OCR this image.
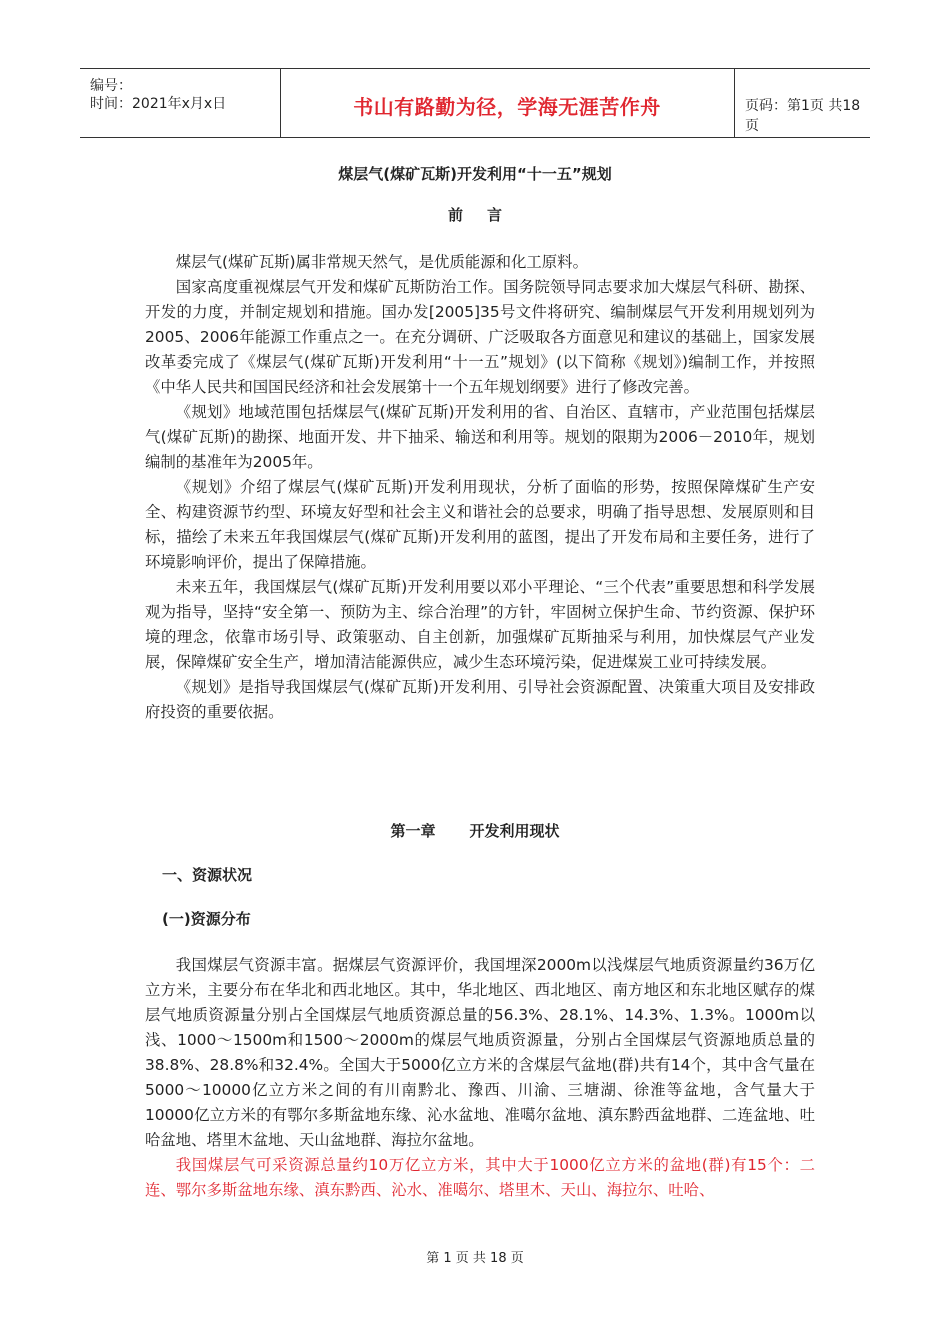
编号：
时间：2021年x月x日	书山有路勤为径，学海无涯苦作舟	页码：第1页 共18页
煤层气(煤矿瓦斯)开发利用“十一五”规划
前言

煤层气(煤矿瓦斯)属非常规天然气，是优质能源和化工原料。

国家高度重视煤层气开发和煤矿瓦斯防治工作。国务院领导同志要求加大煤层气科研、勘探、开发的力度，并制定规划和措施。国办发[2005]35号文件将研究、编制煤层气开发利用规划列为2005、2006年能源工作重点之一。在充分调研、广泛吸取各方面意见和建议的基础上，国家发展改革委完成了《煤层气(煤矿瓦斯)开发利用“十一五”规划》(以下简称《规划》)编制工作，并按照《中华人民共和国国民经济和社会发展第十一个五年规划纲要》进行了修改完善。

《规划》地域范围包括煤层气(煤矿瓦斯)开发利用的省、自治区、直辖市，产业范围包括煤层气(煤矿瓦斯)的勘探、地面开发、井下抽采、输送和利用等。规划的限期为2006－2010年，规划编制的基准年为2005年。

《规划》介绍了煤层气(煤矿瓦斯)开发利用现状，分析了面临的形势，按照保障煤矿生产安全、构建资源节约型、环境友好型和社会主义和谐社会的总要求，明确了指导思想、发展原则和目标，描绘了未来五年我国煤层气(煤矿瓦斯)开发利用的蓝图，提出了开发布局和主要任务，进行了环境影响评价，提出了保障措施。

未来五年，我国煤层气(煤矿瓦斯)开发利用要以邓小平理论、“三个代表”重要思想和科学发展观为指导，坚持“安全第一、预防为主、综合治理”的方针，牢固树立保护生命、节约资源、保护环境的理念，依靠市场引导、政策驱动、自主创新，加强煤矿瓦斯抽采与利用，加快煤层气产业发展，保障煤矿安全生产，增加清洁能源供应，减少生态环境污染，促进煤炭工业可持续发展。

《规划》是指导我国煤层气(煤矿瓦斯)开发利用、引导社会资源配置、决策重大项目及安排政府投资的重要依据。

第一章 开发利用现状
一、资源状况
(一)资源分布

我国煤层气资源丰富。据煤层气资源评价，我国埋深2000m以浅煤层气地质资源量约36万亿立方米，主要分布在华北和西北地区。其中，华北地区、西北地区、南方地区和东北地区赋存的煤层气地质资源量分别占全国煤层气地质资源总量的56.3%、28.1%、14.3%、1.3%。1000m以浅、1000～1500m和1500～2000m的煤层气地质资源量，分别占全国煤层气资源地质总量的38.8%、28.8%和32.4%。全国大于5000亿立方米的含煤层气盆地(群)共有14个，其中含气量在5000～10000亿立方米之间的有川南黔北、豫西、川渝、三塘湖、徐淮等盆地，含气量大于10000亿立方米的有鄂尔多斯盆地东缘、沁水盆地、准噶尔盆地、滇东黔西盆地群、二连盆地、吐哈盆地、塔里木盆地、天山盆地群、海拉尔盆地。

我国煤层气可采资源总量约10万亿立方米，其中大于1000亿立方米的盆地(群)有15个：二连、鄂尔多斯盆地东缘、滇东黔西、沁水、准噶尔、塔里木、天山、海拉尔、吐哈、

第 1 页 共 18 页
